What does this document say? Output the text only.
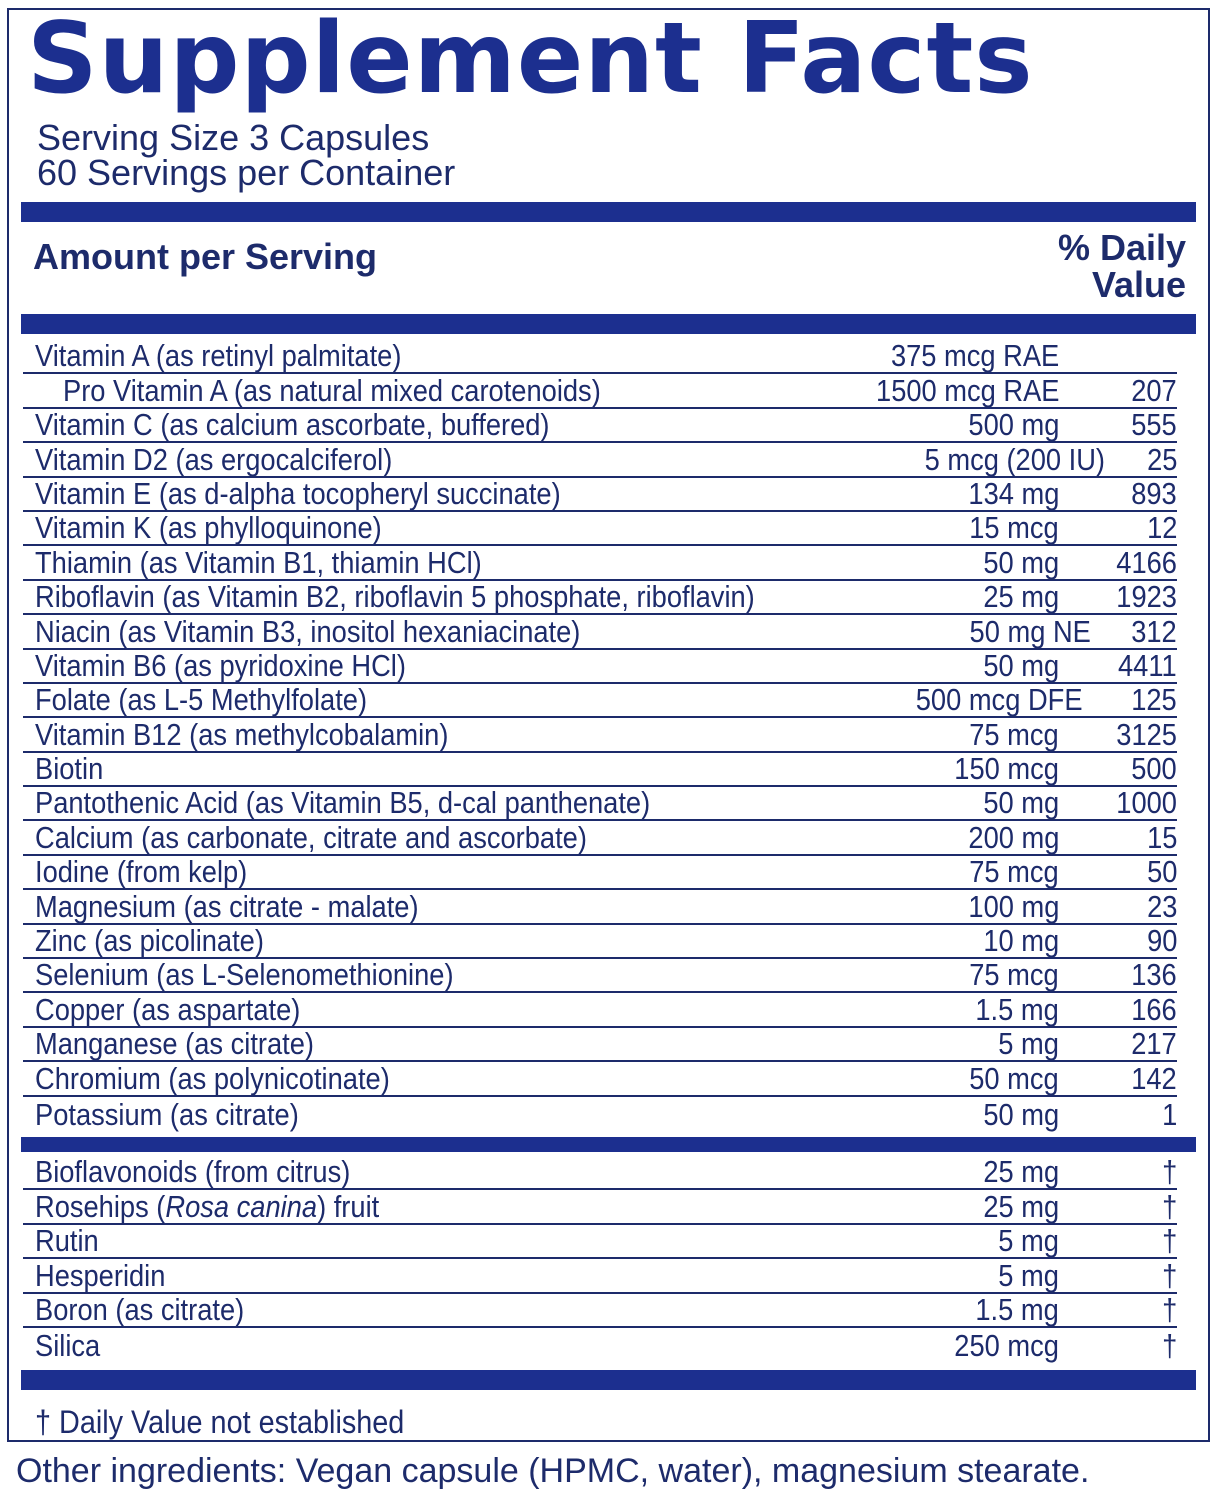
Supplement Facts
Serving Size 3 Capsules
60 Servings per Container
Amount per Serving	% Daily
Value
Vitamin A (as retinyl palmitate)	375 mcg RAE
Pro Vitamin A (as natural mixed carotenoids)	1500 mcg RAE 207
Vitamin C (as calcium ascorbate, buffered)	500 mg 555
Vitamin D2 (as ergocalciferol)	5 mcg (200 IU) 25
Vitamin E (as d-alpha tocopheryl succinate)	134 mg 893
Vitamin K (as phylloquinone)	15 mcg	12
Thiamin (as Vitamin B1, thiamin HCl)	50 mg 4166
Riboflavin (as Vitamin B2, riboflavin 5 phosphate, riboflavin)	25 mg 1923
Niacin (as Vitamin B3, inositol hexaniacinate)	50 mg NE 312
Vitamin B6 (as pyridoxine HCl)	50 mg 4411
Folate (as L-5 Methylfolate)	500 mcg DFE 125
Vitamin B12 (as methylcobalamin)	75 mcg 3125
Biotin	150 mcg 500
Pantothenic Acid (as Vitamin B5, d-cal panthenate)	50 mg 1000
Calcium (as carbonate, citrate and ascorbate)	200 mg	15
Iodine (from kelp)	75 mcg	50
Magnesium (as citrate - malate)	100 mg	23
Zinc (as picolinate)	10 mg	90
Selenium (as L-Selenomethionine)	75 mcg 136
Copper (as aspartate)	1.5 mg 166
Manganese (as citrate)	5 mg 217
Chromium (as polynicotinate)	50 mcg 142
Potassium (as citrate)	50 mg	1
Bioflavonoids (from citrus)	25 mg	†
Rosehips (Rosa canina) fruit	25 mg	†
Rutin	5 mg	†
Hesperidin	5 mg	†
Boron (as citrate)	1.5 mg	†
Silica	250 mcg	†
† Daily Value not established
Other ingredients: Vegan capsule (HPMC, water), magnesium stearate.
